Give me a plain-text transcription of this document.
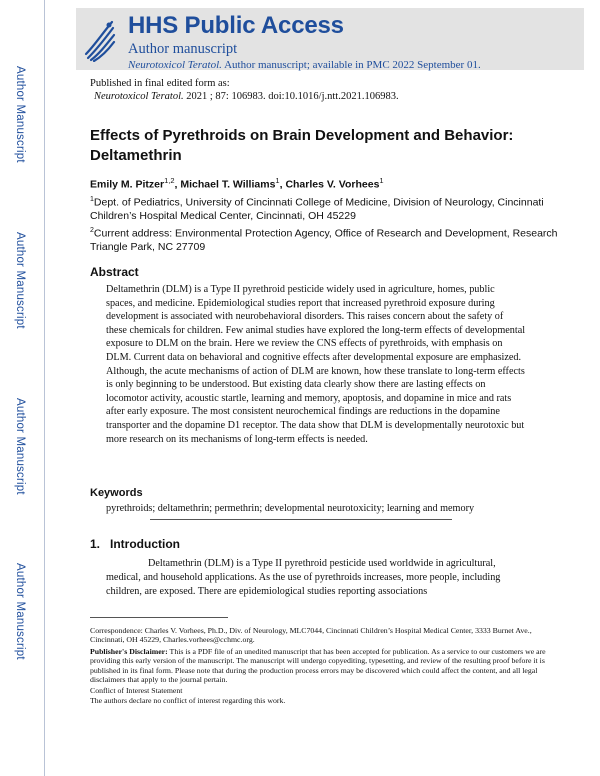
Author Manuscript
Author Manuscript
Author Manuscript
Author Manuscript
HHS Public Access
Author manuscript
Neurotoxicol Teratol. Author manuscript; available in PMC 2022 September 01.
Published in final edited form as:
Neurotoxicol Teratol. 2021 ; 87: 106983. doi:10.1016/j.ntt.2021.106983.
Effects of Pyrethroids on Brain Development and Behavior: Deltamethrin
Emily M. Pitzer$^{1,2}$, Michael T. Williams$^1$, Charles V. Vorhees$^1$
$^1$Dept. of Pediatrics, University of Cincinnati College of Medicine, Division of Neurology, Cincinnati Children’s Hospital Medical Center, Cincinnati, OH 45229
$^2$Current address: Environmental Protection Agency, Office of Research and Development, Research Triangle Park, NC 27709
Abstract
Deltamethrin (DLM) is a Type II pyrethroid pesticide widely used in agriculture, homes, public spaces, and medicine. Epidemiological studies report that increased pyrethroid exposure during development is associated with neurobehavioral disorders. This raises concern about the safety of these chemicals for children. Few animal studies have explored the long-term effects of developmental exposure to DLM on the brain. Here we review the CNS effects of pyrethroids, with emphasis on DLM. Current data on behavioral and cognitive effects after developmental exposure are emphasized. Although, the acute mechanisms of action of DLM are known, how these translate to long-term effects is only beginning to be understood. But existing data clearly show there are lasting effects on locomotor activity, acoustic startle, learning and memory, apoptosis, and dopamine in mice and rats after early exposure. The most consistent neurochemical findings are reductions in the dopamine transporter and the dopamine D1 receptor. The data show that DLM is developmentally neurotoxic but more research on its mechanisms of long-term effects is needed.
Keywords
pyrethroids; deltamethrin; permethrin; developmental neurotoxicity; learning and memory
1. Introduction
Deltamethrin (DLM) is a Type II pyrethroid pesticide used worldwide in agricultural, medical, and household applications. As the use of pyrethroids increases, more people, including children, are exposed. There are epidemiological studies reporting associations

Correspondence: Charles V. Vorhees, Ph.D., Div. of Neurology, MLC7044, Cincinnati Children’s Hospital Medical Center, 3333 Burnet Ave., Cincinnati, OH 45229, Charles.vorhees@cchmc.org.

Publisher's Disclaimer: This is a PDF file of an unedited manuscript that has been accepted for publication. As a service to our customers we are providing this early version of the manuscript. The manuscript will undergo copyediting, typesetting, and review of the resulting proof before it is published in its final form. Please note that during the production process errors may be discovered which could affect the content, and all legal disclaimers that apply to the journal pertain.

Conflict of Interest Statement

The authors declare no conflict of interest regarding this work.
